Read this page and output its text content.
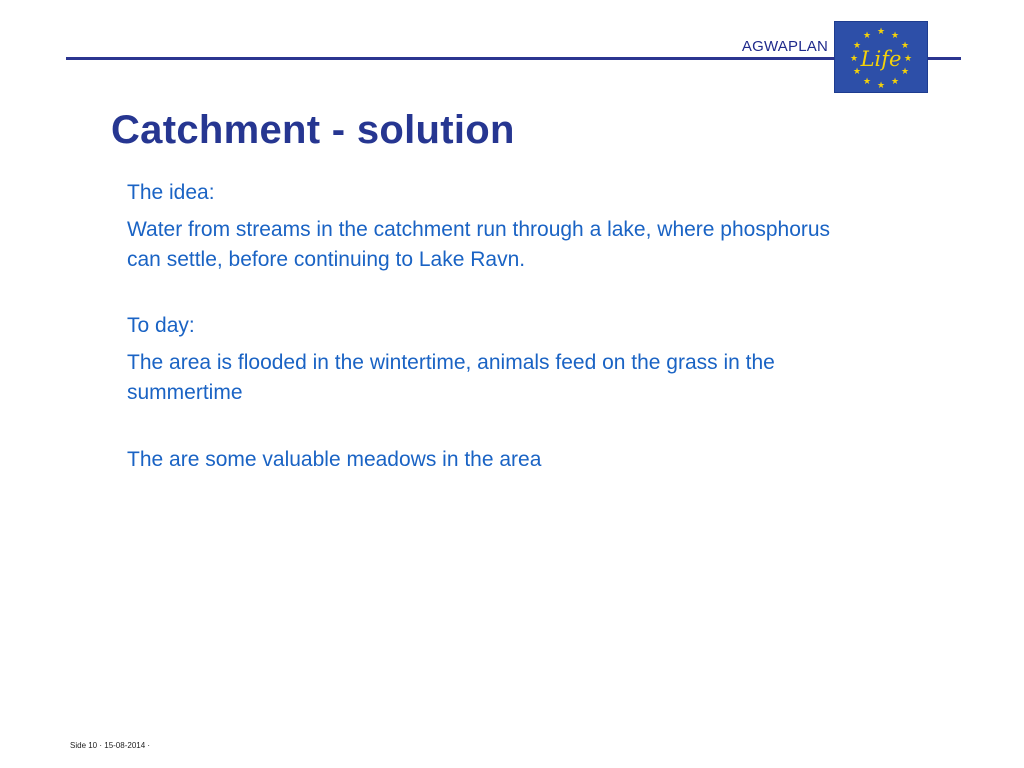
AGWAPLAN
★ ★
★
★
★
★
★
★
★
★
★
★
Life
Catchment - solution

The idea:

Water from streams in the catchment run through a lake, where phosphorus can settle, before continuing to Lake Ravn.

To day:

The area is flooded in the wintertime, animals feed on the grass in the summertime

The are some valuable meadows in the area

Side 10 · 15-08-2014 ·
